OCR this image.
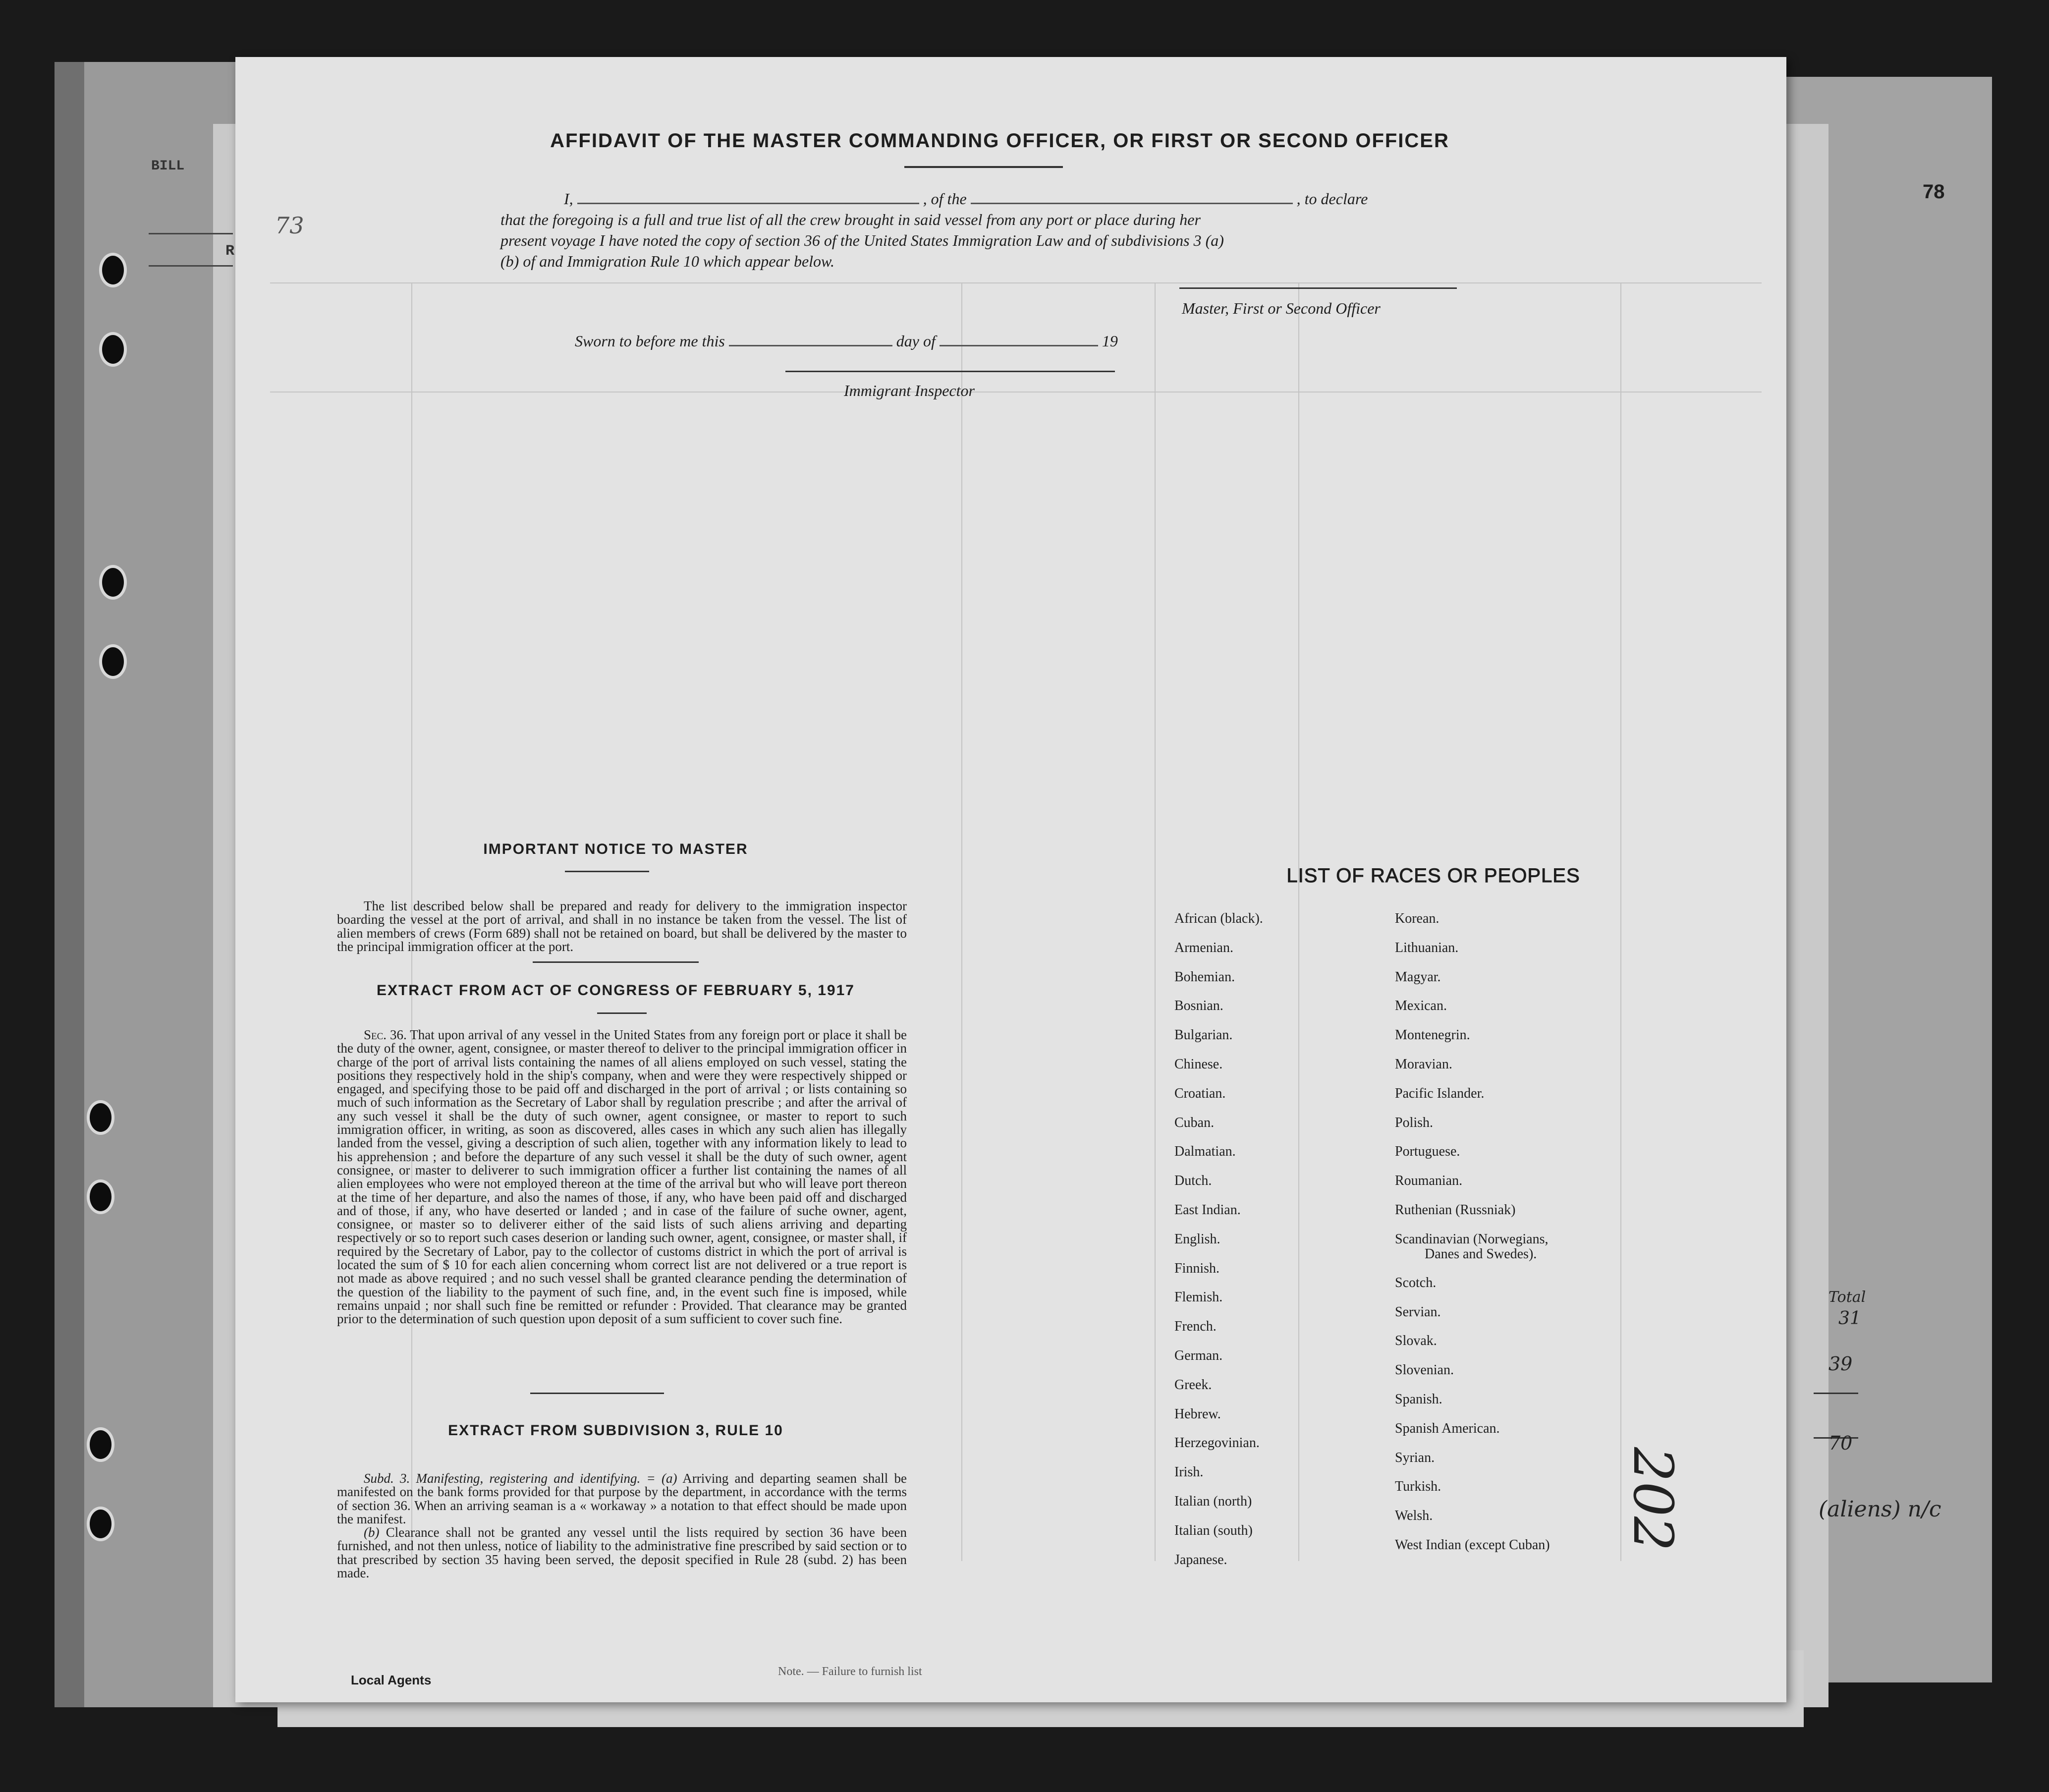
BILL
R
78
73
AFFIDAVIT OF THE MASTER COMMANDING OFFICER, OR FIRST OR SECOND OFFICER
I,	, of the	, to declare
that the foregoing is a full and true list of all the crew brought in said vessel from any port or place during her
present voyage I have noted the copy of section 36 of the United States Immigration Law and of subdivisions 3 (a)
(b) of and Immigration Rule 10 which appear below.
Master, First or Second Officer
Sworn to before me this	day of	19
Immigrant Inspector
IMPORTANT NOTICE TO MASTER
The list described below shall be prepared and ready for delivery to the immigration inspector boarding the vessel at the port of arrival, and shall in no instance be taken from the vessel. The list of alien members of crews (Form 689) shall not be retained on board, but shall be delivered by the master to the principal immigration officer at the port.
EXTRACT FROM ACT OF CONGRESS OF FEBRUARY 5, 1917
Sec. 36. That upon arrival of any vessel in the United States from any foreign port or place it shall be the duty of the owner, agent, consignee, or master thereof to deliver to the principal immigration officer in charge of the port of arrival lists containing the names of all aliens employed on such vessel, stating the positions they respectively hold in the ship's company, when and were they were respectively shipped or engaged, and specifying those to be paid off and discharged in the port of arrival ; or lists containing so much of such information as the Secretary of Labor shall by regulation prescribe ; and after the arrival of any such vessel it shall be the duty of such owner, agent consignee, or master to report to such immigration officer, in writing, as soon as discovered, alles cases in which any such alien has illegally landed from the vessel, giving a description of such alien, together with any information likely to lead to his apprehension ; and before the departure of any such vessel it shall be the duty of such owner, agent consignee, or master to deliverer to such immigration officer a further list containing the names of all alien employees who were not employed thereon at the time of the arrival but who will leave port thereon at the time of her departure, and also the names of those, if any, who have been paid off and discharged and of those, if any, who have deserted or landed ; and in case of the failure of suche owner, agent, consignee, or master so to deliverer either of the said lists of such aliens arriving and departing respectively or so to report such cases deserion or landing such owner, agent, consignee, or master shall, if required by the Secretary of Labor, pay to the collector of customs district in which the port of arrival is located the sum of $ 10 for each alien concerning whom correct list are not delivered or a true report is not made as above required ; and no such vessel shall be granted clearance pending the determination of the question of the liability to the payment of such fine, and, in the event such fine is imposed, while remains unpaid ; nor shall such fine be remitted or refunder : Provided. That clearance may be granted prior to the determination of such question upon deposit of a sum sufficient to cover such fine.
EXTRACT FROM SUBDIVISION 3, RULE 10
Subd. 3. Manifesting, registering and identifying. = (a) Arriving and departing seamen shall be manifested on the bank forms provided for that purpose by the department, in accordance with the terms of section 36. When an arriving seaman is a « workaway » a notation to that effect should be made upon the manifest.
(b) Clearance shall not be granted any vessel until the lists required by section 36 have been furnished, and not then unless, notice of liability to the administrative fine prescribed by said section or to that prescribed by section 35 having been served, the deposit specified in Rule 28 (subd. 2) has been made.
LIST OF RACES OR PEOPLES
African (black).
Armenian.
Bohemian.
Bosnian.
Bulgarian.
Chinese.
Croatian.
Cuban.
Dalmatian.
Dutch.
East Indian.
English.
Finnish.
Flemish.
French.
German.
Greek.
Hebrew.
Herzegovinian.
Irish.
Italian (north)
Italian (south)
Japanese.
Korean.
Lithuanian.
Magyar.
Mexican.
Montenegrin.
Moravian.
Pacific Islander.
Polish.
Portuguese.
Roumanian.
Ruthenian (Russniak)
Scandinavian (Norwegians,
Danes and Swedes).
Scotch.
Servian.
Slovak.
Slovenian.
Spanish.
Spanish American.
Syrian.
Turkish.
Welsh.
West Indian (except Cuban) 202
Total
31
39
70
(aliens) n/c
Local Agents
Note. — Failure to furnish list
